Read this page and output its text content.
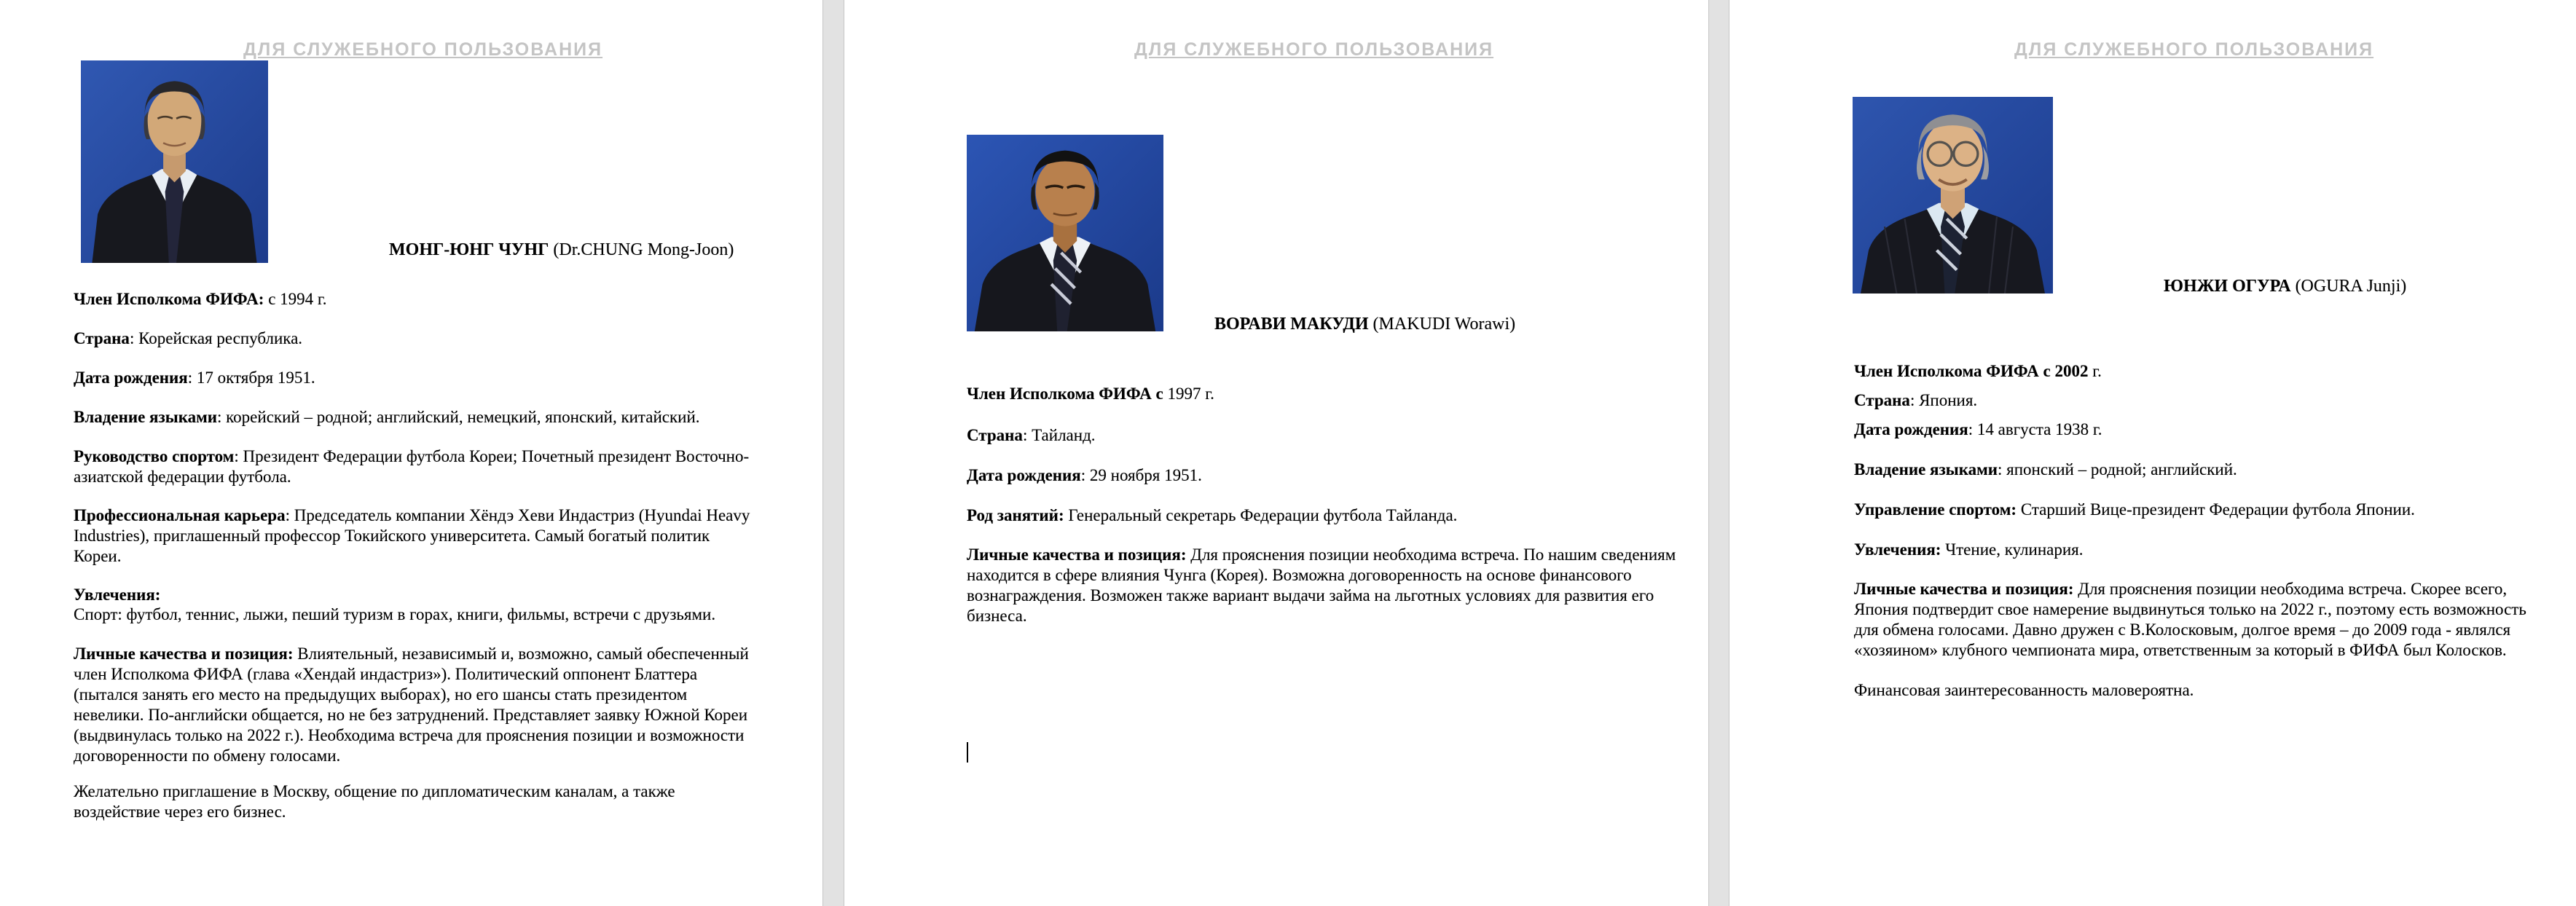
ДЛЯ СЛУЖЕБНОГО ПОЛЬЗОВАНИЯ
МОНГ-ЮНГ ЧУНГ (Dr.CHUNG Mong-Joon)
Член Исполкома ФИФА: с 1994 г.
Страна: Корейская республика.
Дата рождения: 17 октября 1951.
Владение языками: корейский – родной; английский, немецкий, японский, китайский.
Руководство спортом: Президент Федерации футбола Кореи; Почетный президент Восточно-азиатской федерации футбола.
Профессиональная карьера: Председатель компании Хёндэ Хеви Индастриз (Hyundai Heavy Industries), приглашенный профессор Токийского университета. Самый богатый политик Кореи.
Увлечения:
Спорт: футбол, теннис, лыжи, пеший туризм в горах, книги, фильмы, встречи с друзьями.
Личные качества и позиция: Влиятельный, независимый и, возможно, самый обеспеченный член Исполкома ФИФА (глава «Хендай индастриз»). Политический оппонент Блаттера (пытался занять его место на предыдущих выборах), но его шансы стать президентом невелики. По-английски общается, но не без затруднений. Представляет заявку Южной Кореи (выдвинулась только на 2022 г.). Необходима встреча для прояснения позиции и возможности договоренности по обмену голосами.
Желательно приглашение в Москву, общение по дипломатическим каналам, а также воздействие через его бизнес.
ДЛЯ СЛУЖЕБНОГО ПОЛЬЗОВАНИЯ
ВОРАВИ МАКУДИ (MAKUDI Worawi)
Член Исполкома ФИФА с 1997 г.
Страна: Тайланд.
Дата рождения: 29 ноября 1951.
Род занятий: Генеральный секретарь Федерации футбола Тайланда.
Личные качества и позиция: Для прояснения позиции необходима встреча. По нашим сведениям находится в сфере влияния Чунга (Корея). Возможна договоренность на основе финансового вознаграждения. Возможен также вариант выдачи займа на льготных условиях для развития его бизнеса.
ДЛЯ СЛУЖЕБНОГО ПОЛЬЗОВАНИЯ
ЮНЖИ ОГУРА (OGURA Junji)
Член Исполкома ФИФА с 2002 г.
Страна: Япония.
Дата рождения: 14 августа 1938 г.
Владение языками: японский – родной; английский.
Управление спортом: Старший Вице-президент Федерации футбола Японии.
Увлечения: Чтение, кулинария.
Личные качества и позиция: Для прояснения позиции необходима встреча. Скорее всего, Япония подтвердит свое намерение выдвинуться только на 2022 г., поэтому есть возможность для обмена голосами. Давно дружен с В.Колосковым, долгое время – до 2009 года - являлся «хозяином» клубного чемпионата мира, ответственным за который в ФИФА был Колосков.
Финансовая заинтересованность маловероятна.
